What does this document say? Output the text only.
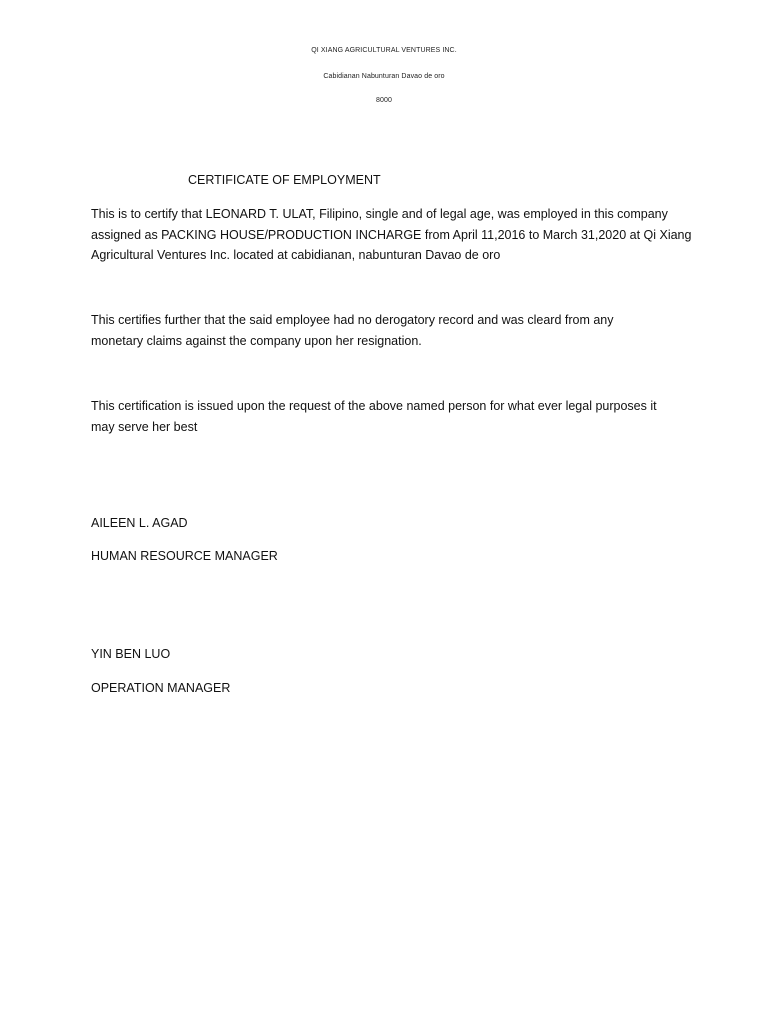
QI XIANG AGRICULTURAL VENTURES INC.
Cabidianan Nabunturan Davao de oro
8000
CERTIFICATE OF EMPLOYMENT
This is to certify that LEONARD T. ULAT, Filipino, single and of legal age, was employed in this company
assigned as PACKING HOUSE/PRODUCTION INCHARGE from April 11,2016 to March 31,2020 at Qi Xiang
Agricultural Ventures Inc. located at cabidianan, nabunturan Davao de oro
This certifies further that the said employee had no derogatory record and was cleard from any
monetary claims against the company upon her resignation.
This certification is issued upon the request of the above named person for what ever legal purposes it
may serve her best
AILEEN L. AGAD
HUMAN RESOURCE MANAGER
YIN BEN LUO
OPERATION MANAGER
